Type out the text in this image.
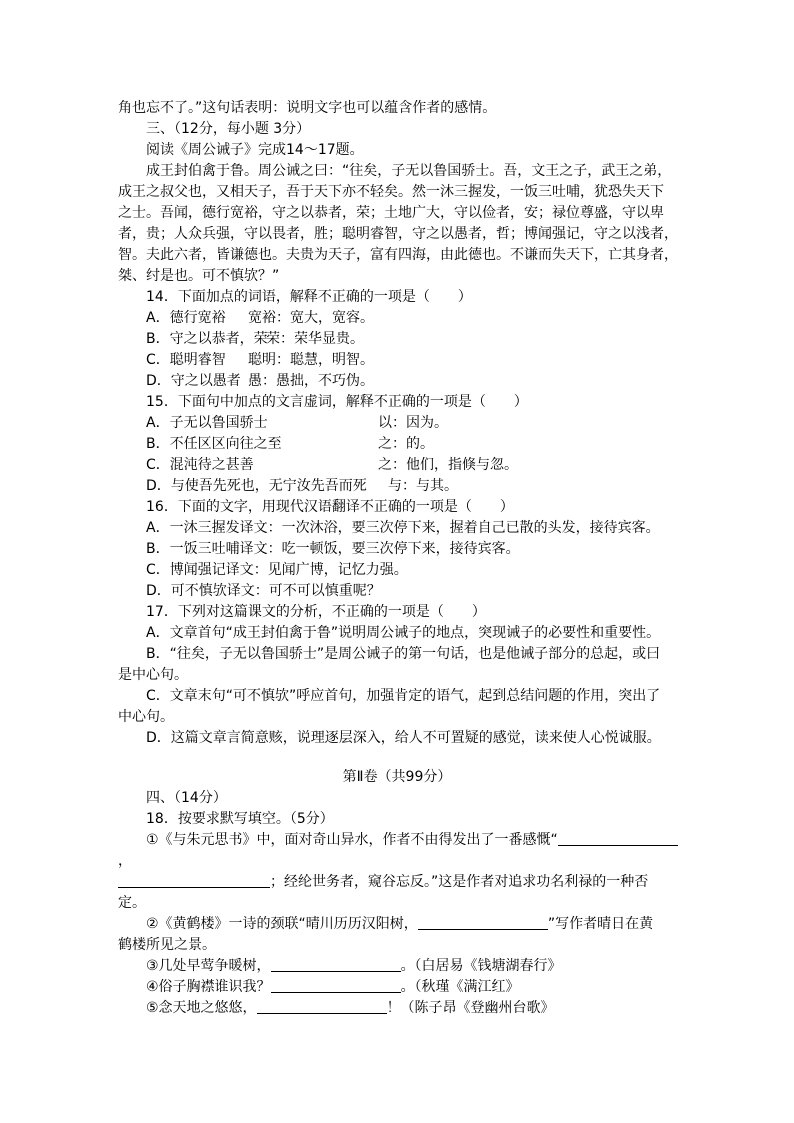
角也忘不了。”这句话表明：说明文字也可以蕴含作者的感情。
三、（12分，每小题 3分）
阅读《周公诫子》完成14～17题。
成王封伯禽于鲁。周公诫之曰：“往矣，子无以鲁国骄士。吾，文王之子，武王之弟，
成王之叔父也，又相天子，吾于天下亦不轻矣。然一沐三握发，一饭三吐哺，犹恐失天下
之士。吾闻，德行宽裕，守之以恭者，荣；土地广大，守以俭者，安；禄位尊盛，守以卑
者，贵；人众兵强，守以畏者，胜；聪明睿智，守之以愚者，哲；博闻强记，守之以浅者，
智。夫此六者，皆谦德也。夫贵为天子，富有四海，由此德也。不谦而失天下，亡其身者，
桀、纣是也。可不慎欤？”
14．下面加点的词语，解释不正确的一项是（　　）
A．德行宽裕 宽裕：宽大，宽容。
B．守之以恭者，荣荣：荣华显贵。
C．聪明睿智 聪明：聪慧，明智。
D．守之以愚者 愚：愚拙，不巧伪。
15．下面句中加点的文言虚词，解释不正确的一项是（　　）
A．子无以鲁国骄士	以：因为。
B．不任区区向往之至	之：的。
C．混沌待之甚善	之：他们，指倏与忽。
D．与使吾先死也，无宁汝先吾而死 与：与其。
16．下面的文字，用现代汉语翻译不正确的一项是（　　）
A．一沐三握发译文：一次沐浴，要三次停下来，握着自己已散的头发，接待宾客。
B．一饭三吐哺译文：吃一顿饭，要三次停下来，接待宾客。
C．博闻强记译文：见闻广博，记忆力强。
D．可不慎欤译文：可不可以慎重呢？
17．下列对这篇课文的分析，不正确的一项是（　　）
A．文章首句“成王封伯禽于鲁”说明周公诫子的地点，突现诫子的必要性和重要性。
B．“往矣，子无以鲁国骄士”是周公诫子的第一句话，也是他诫子部分的总起，或曰
是中心句。
C．文章末句“可不慎欤”呼应首句，加强肯定的语气，起到总结问题的作用，突出了
中心句。
D．这篇文章言简意赅，说理逐层深入，给人不可置疑的感觉，读来使人心悦诚服。
第Ⅱ卷（共99分）
四、（14分）
18．按要求默写填空。（5分）
①《与朱元思书》中，面对奇山异水，作者不由得发出了一番感慨“
，
；经纶世务者，窥谷忘反。”这是作者对追求功名利禄的一种否
定。
②《黄鹤楼》一诗的颈联“晴川历历汉阳树，	”写作者晴日在黄
鹤楼所见之景。
③几处早莺争暖树，	。（白居易《钱塘湖春行》
④俗子胸襟谁识我？	。（秋瑾《满江红》
⑤念天地之悠悠，	！（陈子昂《登幽州台歌》
